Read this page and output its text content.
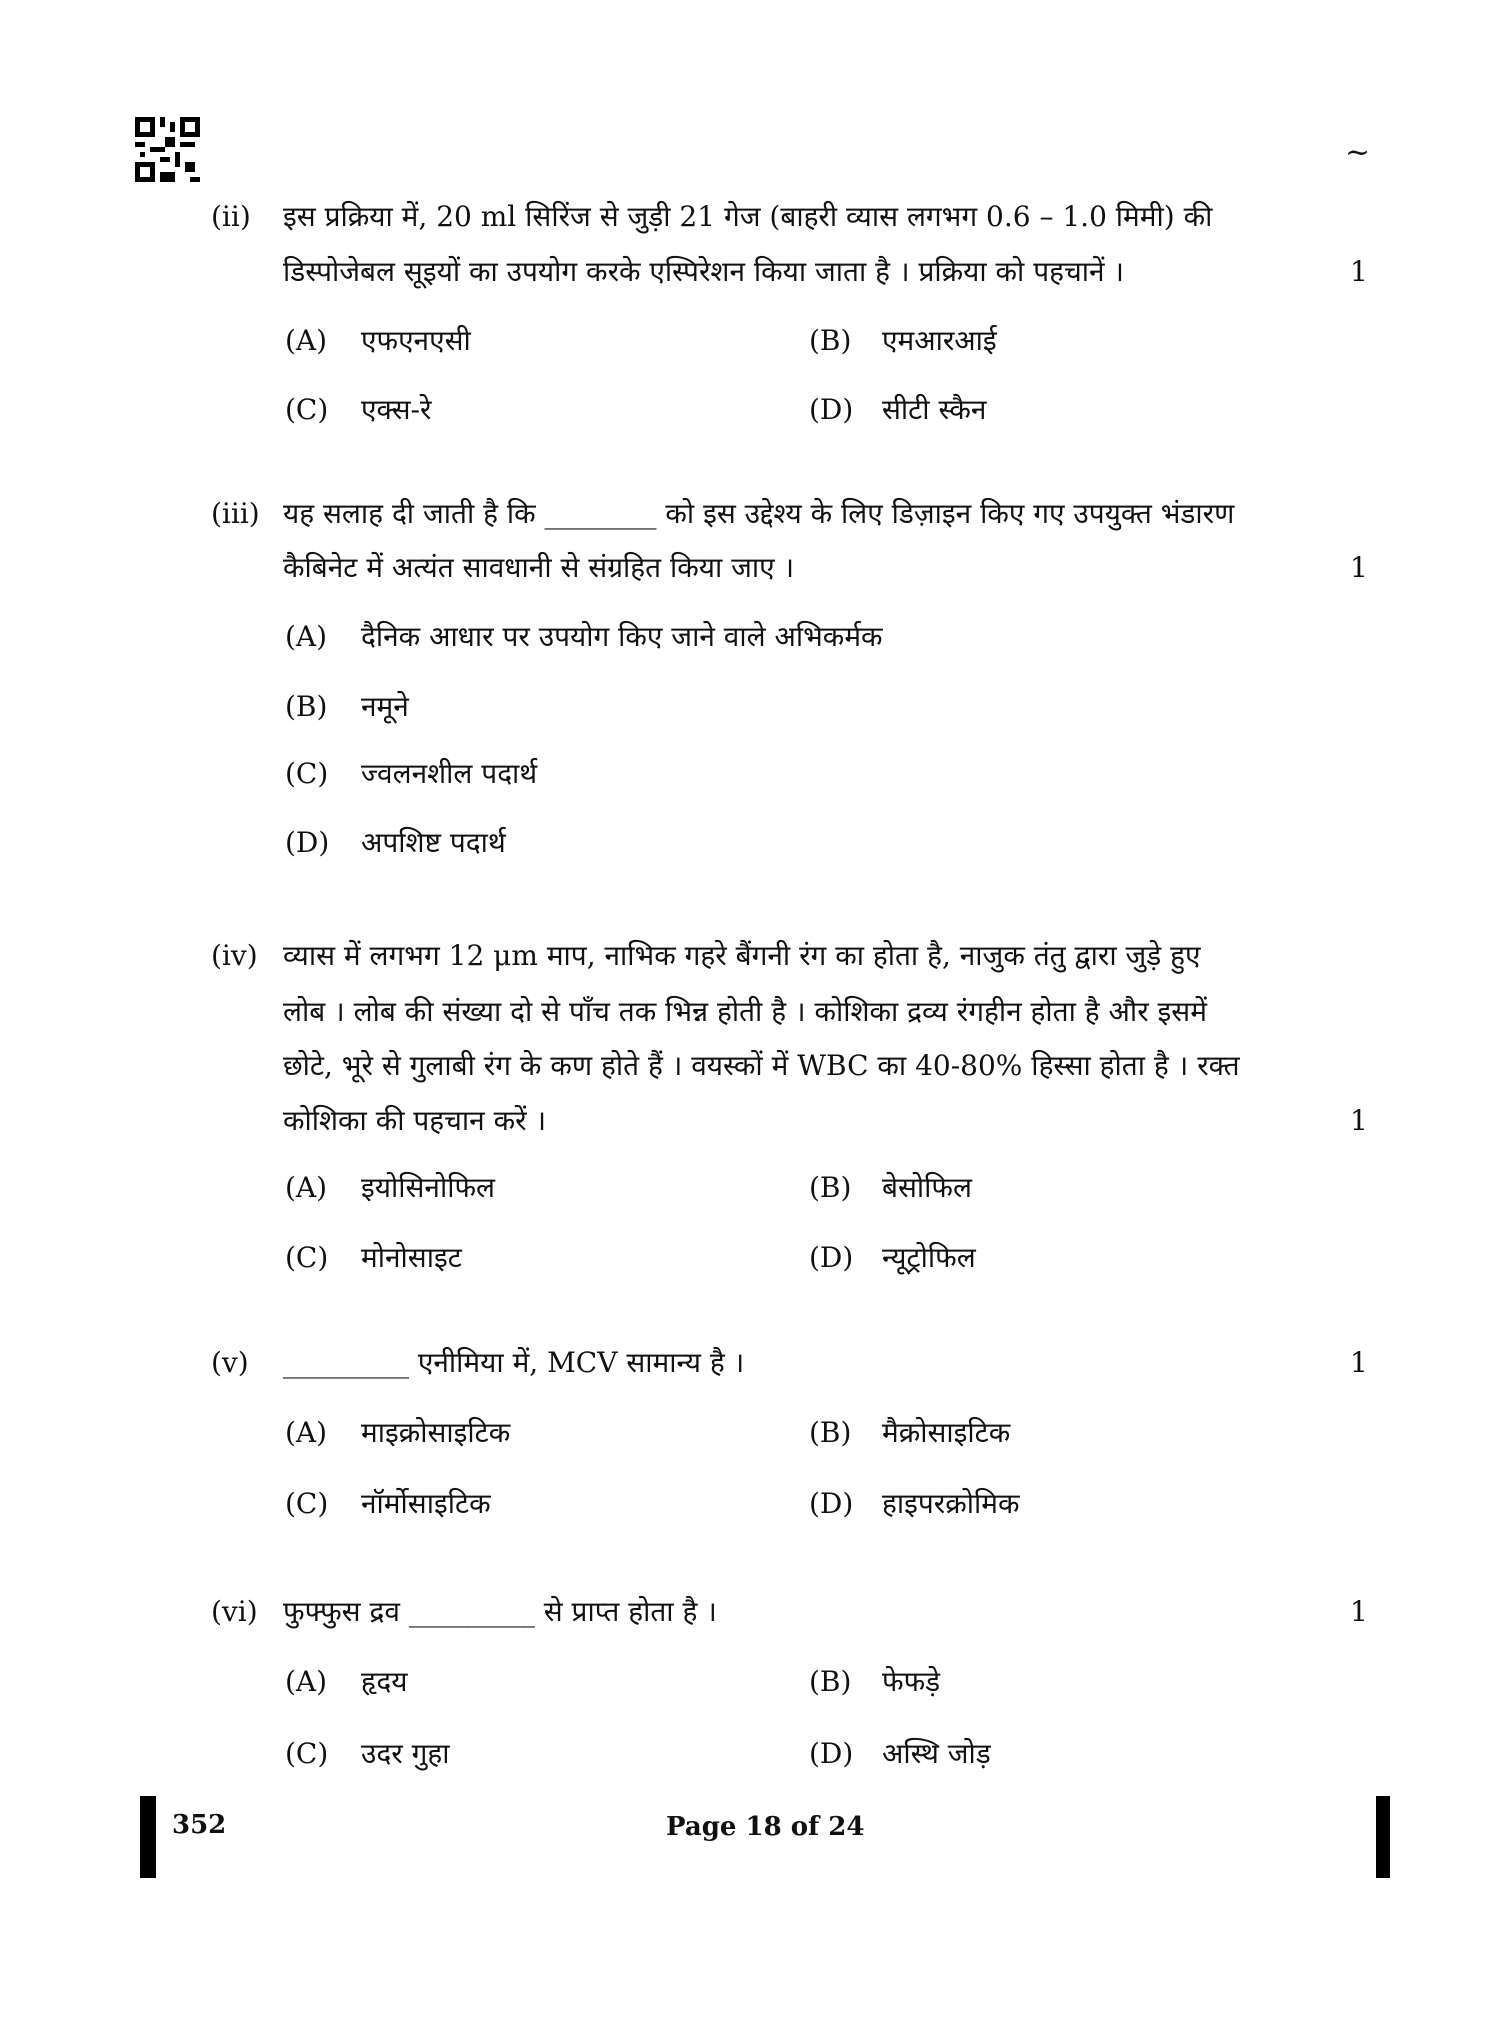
~
(ii) इस प्रक्रिया में, 20 ml सिरिंज से जुड़ी 21 गेज (बाहरी व्यास लगभग 0.6 – 1.0 मिमी) की
डिस्पोजेबल सूइयों का उपयोग करके एस्पिरेशन किया जाता है । प्रक्रिया को पहचानें ।	1
(A) एफएनएसी	(B) एमआरआई
(C) एक्स-रे	(D) सीटी स्कैन
(iii) यह सलाह दी जाती है कि ________ को इस उद्देश्य के लिए डिज़ाइन किए गए उपयुक्त भंडारण
कैबिनेट में अत्यंत सावधानी से संग्रहित किया जाए ।	1
(A) दैनिक आधार पर उपयोग किए जाने वाले अभिकर्मक
(B) नमूने
(C) ज्वलनशील पदार्थ
(D) अपशिष्ट पदार्थ
(iv) व्यास में लगभग 12 μm माप, नाभिक गहरे बैंगनी रंग का होता है, नाजुक तंतु द्वारा जुड़े हुए
लोब । लोब की संख्या दो से पाँच तक भिन्न होती है । कोशिका द्रव्य रंगहीन होता है और इसमें
छोटे, भूरे से गुलाबी रंग के कण होते हैं । वयस्कों में WBC का 40-80% हिस्सा होता है । रक्त
कोशिका की पहचान करें ।	1
(A) इयोसिनोफिल	(B) बेसोफिल
(C) मोनोसाइट	(D) न्यूट्रोफिल
(v) _________ एनीमिया में, MCV सामान्य है ।	1
(A) माइक्रोसाइटिक	(B) मैक्रोसाइटिक
(C) नॉर्मोसाइटिक	(D) हाइपरक्रोमिक
(vi) फुफ्फुस द्रव _________ से प्राप्त होता है ।	1
(A) हृदय	(B) फेफड़े
(C) उदर गुहा	(D) अस्थि जोड़
352	Page 18 of 24
